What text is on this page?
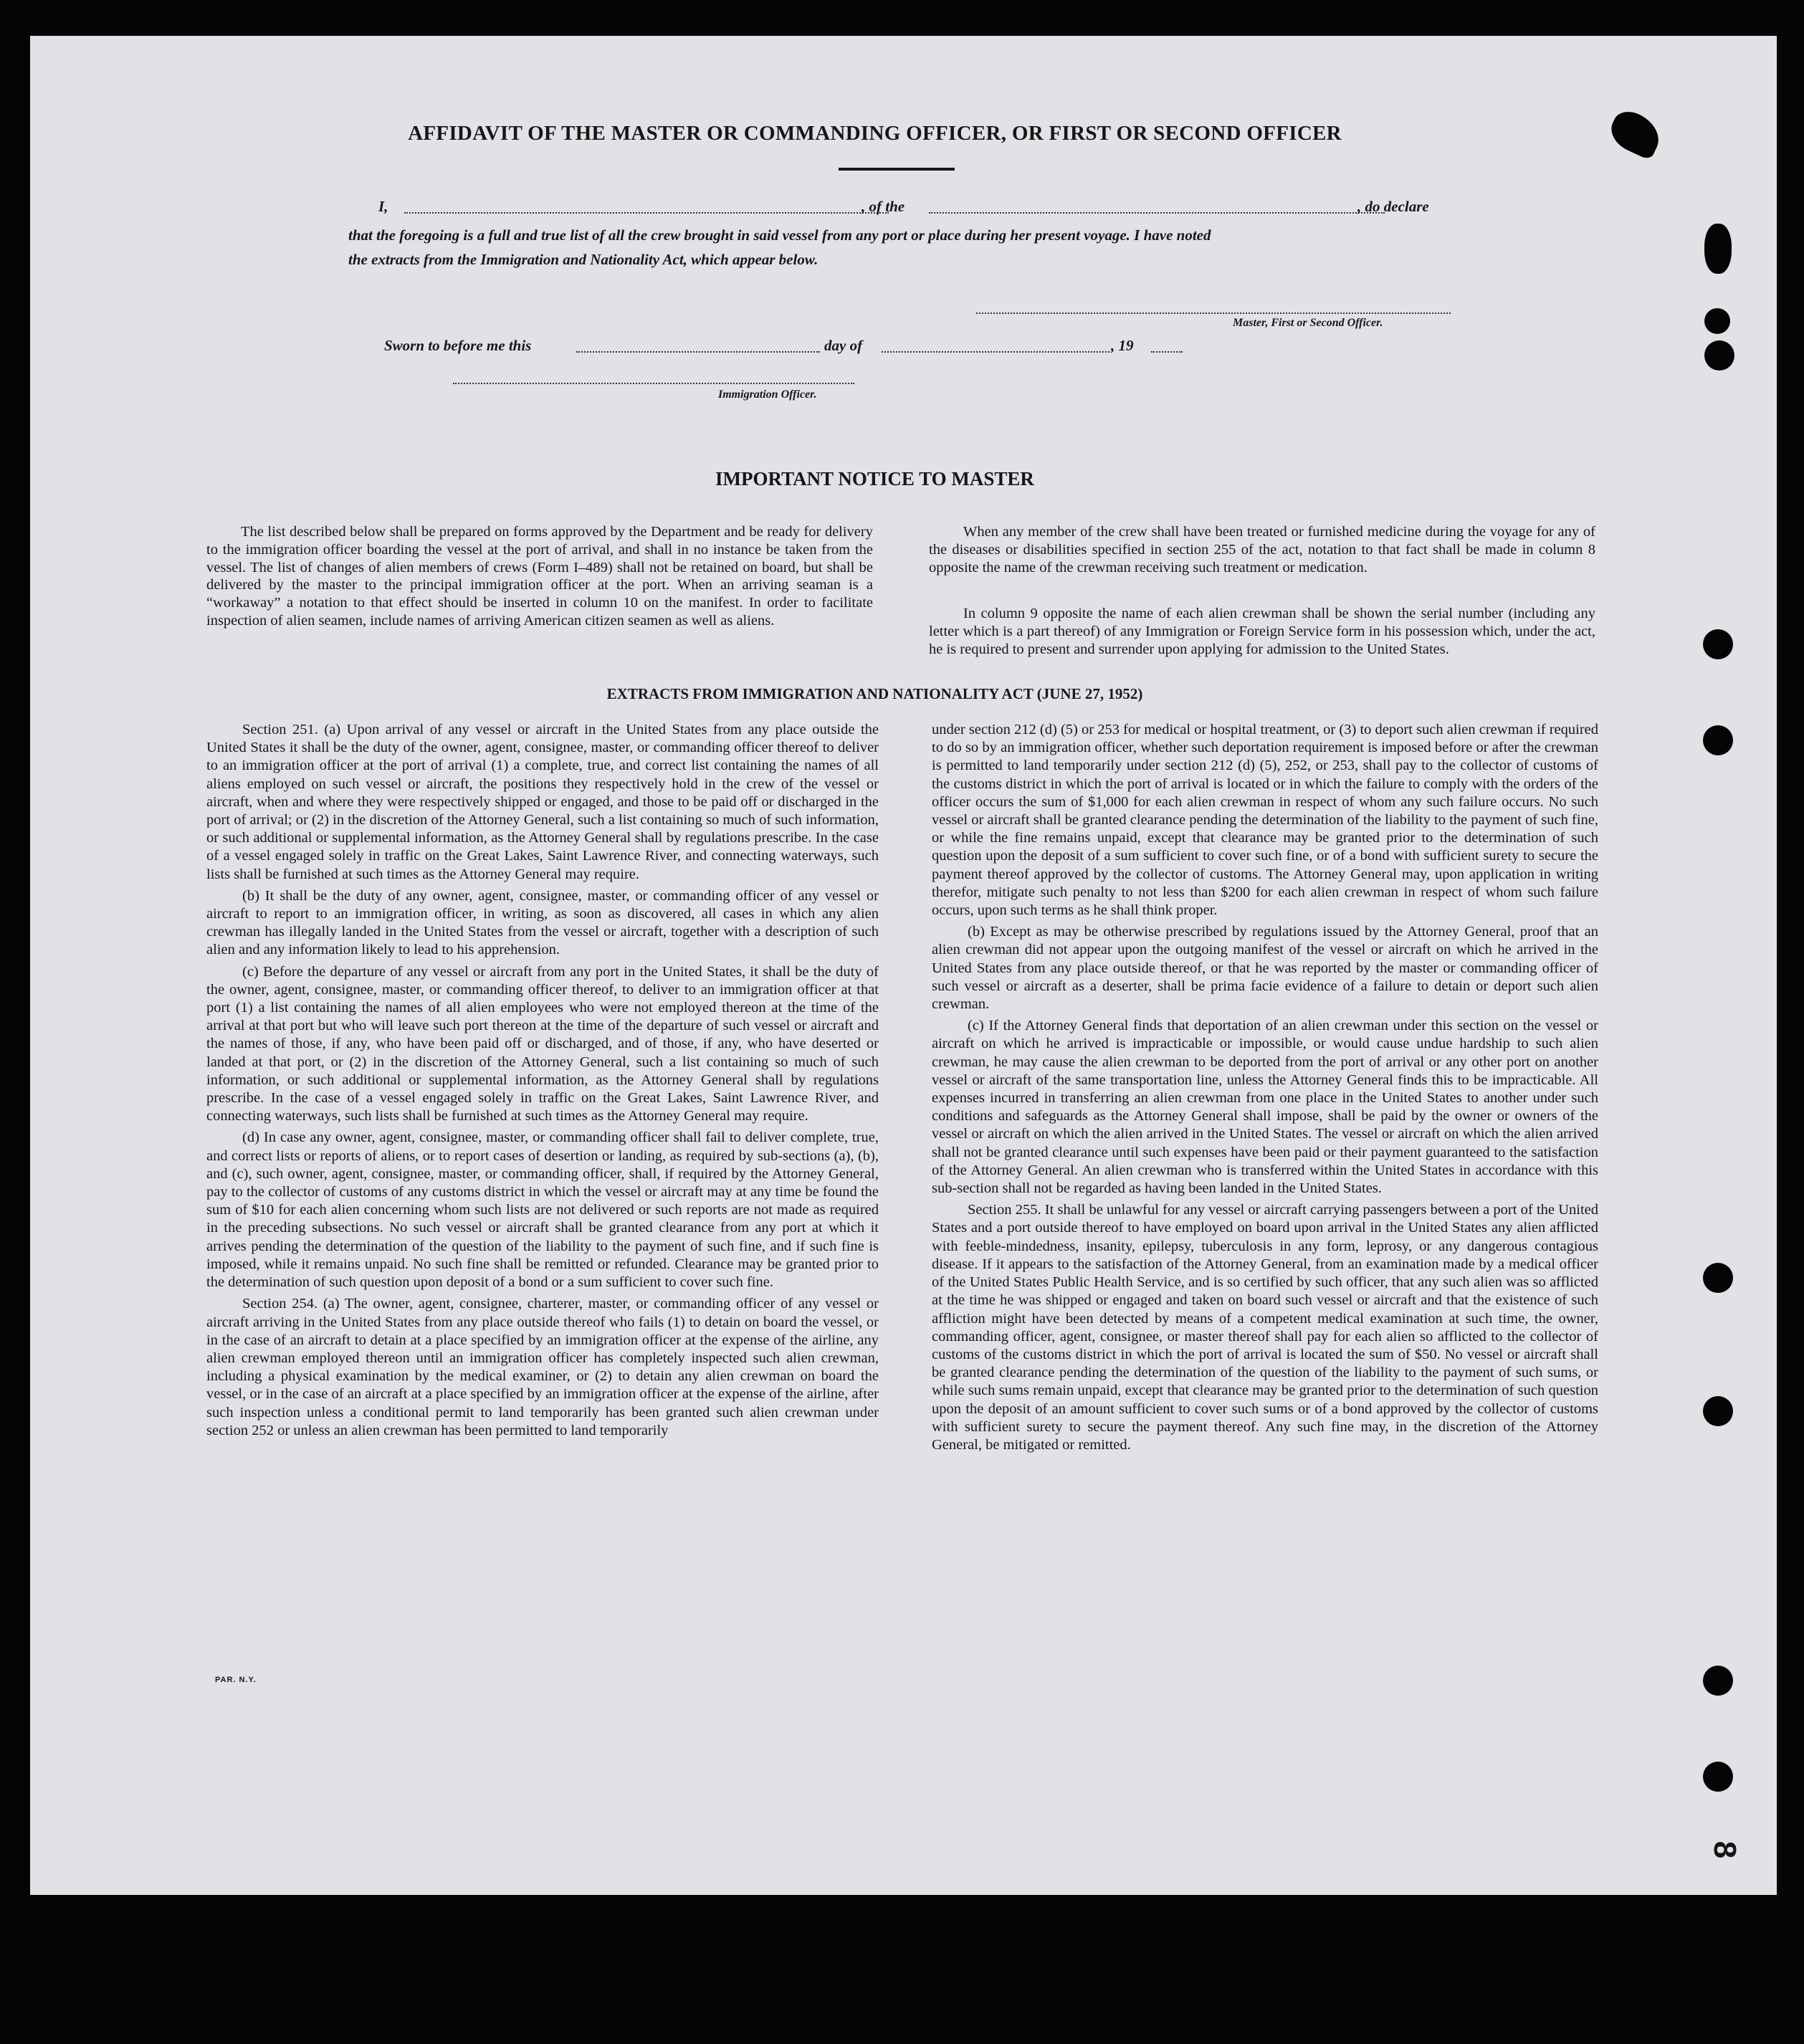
AFFIDAVIT OF THE MASTER OR COMMANDING OFFICER, OR FIRST OR SECOND OFFICER
I,	, of the	, do declare
that the foregoing is a full and true list of all the crew brought in said vessel from any port or place during her present voyage. I have noted
the extracts from the Immigration and Nationality Act, which appear below.
Master, First or Second Officer.
Sworn to before me this	day of	, 19
Immigration Officer.
IMPORTANT NOTICE TO MASTER

The list described below shall be prepared on forms approved by the Department and be ready for delivery to the immigration officer boarding the vessel at the port of arrival, and shall in no instance be taken from the vessel. The list of changes of alien members of crews (Form I–489) shall not be retained on board, but shall be delivered by the master to the principal immigration officer at the port. When an arriving seaman is a “workaway” a notation to that effect should be inserted in column 10 on the manifest. In order to facilitate inspection of alien seamen, include names of arriving American citizen seamen as well as aliens.

When any member of the crew shall have been treated or furnished medicine during the voyage for any of the diseases or disabilities specified in section 255 of the act, notation to that fact shall be made in column 8 opposite the name of the crewman receiving such treatment or medication.

In column 9 opposite the name of each alien crewman shall be shown the serial number (including any letter which is a part thereof) of any Immigration or Foreign Service form in his possession which, under the act, he is required to present and surrender upon applying for admission to the United States.

EXTRACTS FROM IMMIGRATION AND NATIONALITY ACT (JUNE 27, 1952)

Section 251. (a) Upon arrival of any vessel or aircraft in the United States from any place outside the United States it shall be the duty of the owner, agent, consignee, master, or commanding officer thereof to deliver to an immigration officer at the port of arrival (1) a complete, true, and correct list containing the names of all aliens employed on such vessel or aircraft, the positions they respectively hold in the crew of the vessel or aircraft, when and where they were respectively shipped or engaged, and those to be paid off or discharged in the port of arrival; or (2) in the discretion of the Attorney General, such a list containing so much of such information, or such additional or supplemental information, as the Attorney General shall by regulations prescribe. In the case of a vessel engaged solely in traffic on the Great Lakes, Saint Lawrence River, and connecting waterways, such lists shall be furnished at such times as the Attorney General may require.

(b) It shall be the duty of any owner, agent, consignee, master, or commanding officer of any vessel or aircraft to report to an immigration officer, in writing, as soon as discovered, all cases in which any alien crewman has illegally landed in the United States from the vessel or aircraft, together with a description of such alien and any information likely to lead to his apprehension.

(c) Before the departure of any vessel or aircraft from any port in the United States, it shall be the duty of the owner, agent, consignee, master, or commanding officer thereof, to deliver to an immigration officer at that port (1) a list containing the names of all alien employees who were not employed thereon at the time of the arrival at that port but who will leave such port thereon at the time of the departure of such vessel or aircraft and the names of those, if any, who have been paid off or discharged, and of those, if any, who have deserted or landed at that port, or (2) in the discretion of the Attorney General, such a list containing so much of such information, or such additional or supplemental information, as the Attorney General shall by regulations prescribe. In the case of a vessel engaged solely in traffic on the Great Lakes, Saint Lawrence River, and connecting waterways, such lists shall be furnished at such times as the Attorney General may require.

(d) In case any owner, agent, consignee, master, or commanding officer shall fail to deliver complete, true, and correct lists or reports of aliens, or to report cases of desertion or landing, as required by sub-sections (a), (b), and (c), such owner, agent, consignee, master, or commanding officer, shall, if required by the Attorney General, pay to the collector of customs of any customs district in which the vessel or aircraft may at any time be found the sum of $10 for each alien concerning whom such lists are not delivered or such reports are not made as required in the preceding subsections. No such vessel or aircraft shall be granted clearance from any port at which it arrives pending the determination of the question of the liability to the payment of such fine, and if such fine is imposed, while it remains unpaid. No such fine shall be remitted or refunded. Clearance may be granted prior to the determination of such question upon deposit of a bond or a sum sufficient to cover such fine.

Section 254. (a) The owner, agent, consignee, charterer, master, or commanding officer of any vessel or aircraft arriving in the United States from any place outside thereof who fails (1) to detain on board the vessel, or in the case of an aircraft to detain at a place specified by an immigration officer at the expense of the airline, any alien crewman employed thereon until an immigration officer has completely inspected such alien crewman, including a physical examination by the medical examiner, or (2) to detain any alien crewman on board the vessel, or in the case of an aircraft at a place specified by an immigration officer at the expense of the airline, after such inspection unless a conditional permit to land temporarily has been granted such alien crewman under section 252 or unless an alien crewman has been permitted to land temporarily

under section 212 (d) (5) or 253 for medical or hospital treatment, or (3) to deport such alien crewman if required to do so by an immigration officer, whether such deportation requirement is imposed before or after the crewman is permitted to land temporarily under section 212 (d) (5), 252, or 253, shall pay to the collector of customs of the customs district in which the port of arrival is located or in which the failure to comply with the orders of the officer occurs the sum of $1,000 for each alien crewman in respect of whom any such failure occurs. No such vessel or aircraft shall be granted clearance pending the determination of the liability to the payment of such fine, or while the fine remains unpaid, except that clearance may be granted prior to the determination of such question upon the deposit of a sum sufficient to cover such fine, or of a bond with sufficient surety to secure the payment thereof approved by the collector of customs. The Attorney General may, upon application in writing therefor, mitigate such penalty to not less than $200 for each alien crewman in respect of whom such failure occurs, upon such terms as he shall think proper.

(b) Except as may be otherwise prescribed by regulations issued by the Attorney General, proof that an alien crewman did not appear upon the outgoing manifest of the vessel or aircraft on which he arrived in the United States from any place outside thereof, or that he was reported by the master or commanding officer of such vessel or aircraft as a deserter, shall be prima facie evidence of a failure to detain or deport such alien crewman.

(c) If the Attorney General finds that deportation of an alien crewman under this section on the vessel or aircraft on which he arrived is impracticable or impossible, or would cause undue hardship to such alien crewman, he may cause the alien crewman to be deported from the port of arrival or any other port on another vessel or aircraft of the same transportation line, unless the Attorney General finds this to be impracticable. All expenses incurred in transferring an alien crewman from one place in the United States to another under such conditions and safeguards as the Attorney General shall impose, shall be paid by the owner or owners of the vessel or aircraft on which the alien arrived in the United States. The vessel or aircraft on which the alien arrived shall not be granted clearance until such expenses have been paid or their payment guaranteed to the satisfaction of the Attorney General. An alien crewman who is transferred within the United States in accordance with this sub-section shall not be regarded as having been landed in the United States.

Section 255. It shall be unlawful for any vessel or aircraft carrying passengers between a port of the United States and a port outside thereof to have employed on board upon arrival in the United States any alien afflicted with feeble-mindedness, insanity, epilepsy, tuberculosis in any form, leprosy, or any dangerous contagious disease. If it appears to the satisfaction of the Attorney General, from an examination made by a medical officer of the United States Public Health Service, and is so certified by such officer, that any such alien was so afflicted at the time he was shipped or engaged and taken on board such vessel or aircraft and that the existence of such affliction might have been detected by means of a competent medical examination at such time, the owner, commanding officer, agent, consignee, or master thereof shall pay for each alien so afflicted to the collector of customs of the customs district in which the port of arrival is located the sum of $50. No vessel or aircraft shall be granted clearance pending the determination of the question of the liability to the payment of such sums, or while such sums remain unpaid, except that clearance may be granted prior to the determination of such question upon the deposit of an amount sufficient to cover such sums or of a bond approved by the collector of customs with sufficient surety to secure the payment thereof. Any such fine may, in the discretion of the Attorney General, be mitigated or remitted.

PAR. N.Y.
8
